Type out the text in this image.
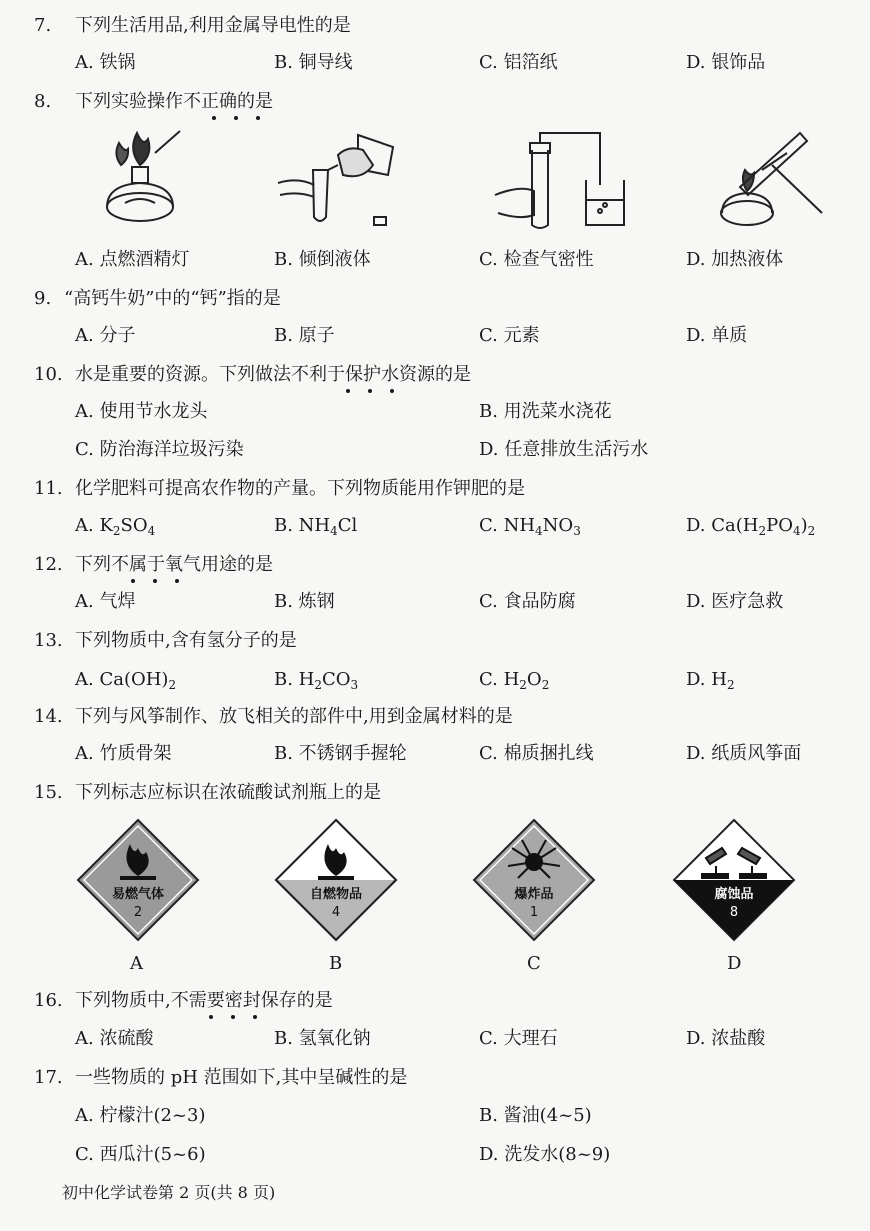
7. 下列生活用品,利用金属导电性的是
A. 铁锅	B. 铜导线	C. 铝箔纸	D. 银饰品
8. 下列实验操作不正确的是
A. 点燃酒精灯	B. 倾倒液体	C. 检查气密性	D. 加热液体
9. “高钙牛奶”中的“钙”指的是
A. 分子	B. 原子	C. 元素	D. 单质
10. 水是重要的资源。下列做法不利于保护水资源的是
A. 使用节水龙头	B. 用洗菜水浇花
C. 防治海洋垃圾污染	D. 任意排放生活污水
11. 化学肥料可提高农作物的产量。下列物质能用作钾肥的是
A. $K_2SO_4$	B. $NH_4Cl$	C. $NH_4NO_3$	D. $Ca(H_2PO_4)_2$
12. 下列不属于氧气用途的是
A. 气焊	B. 炼钢	C. 食品防腐	D. 医疗急救
13. 下列物质中,含有氢分子的是
A. $Ca(OH)_2$	B. $H_2CO_3$	C. $H_2O_2$	D. $H_2$
14. 下列与风筝制作、放飞相关的部件中,用到金属材料的是
A. 竹质骨架	B. 不锈钢手握轮	C. 棉质捆扎线	D. 纸质风筝面
15. 下列标志应标识在浓硫酸试剂瓶上的是
易燃气体
2
自燃物品
4
爆炸品
1
腐蚀品
8
A	B	C	D
16. 下列物质中,不需要密封保存的是
A. 浓硫酸	B. 氢氧化钠	C. 大理石	D. 浓盐酸
17. 一些物质的 pH 范围如下,其中呈碱性的是
A. 柠檬汁(2~3)	B. 酱油(4~5)
C. 西瓜汁(5~6)	D. 洗发水(8~9)
初中化学试卷第 2 页(共 8 页)
